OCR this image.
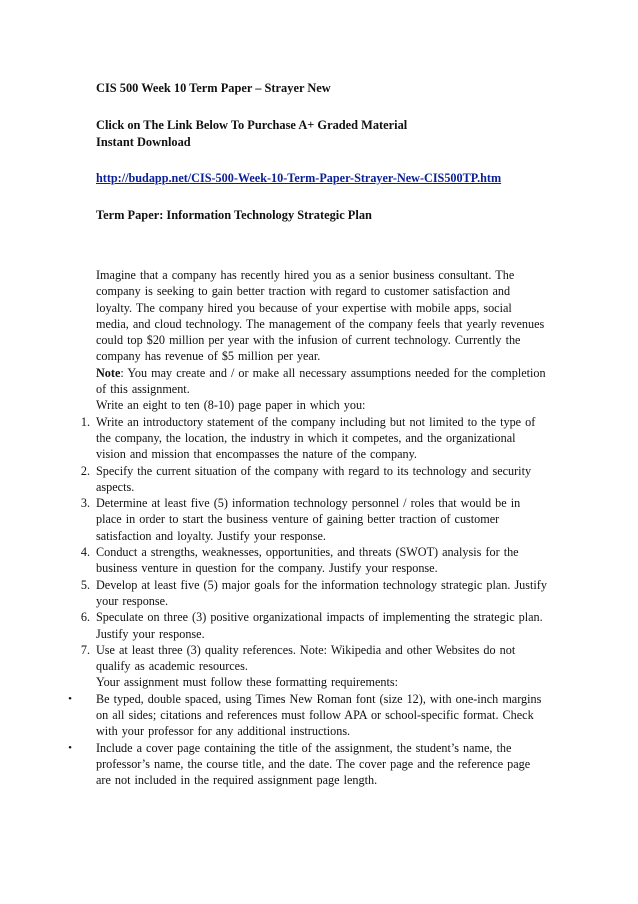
CIS 500 Week 10 Term Paper – Strayer New
Click on The Link Below To Purchase A+ Graded Material
Instant Download
http://budapp.net/CIS-500-Week-10-Term-Paper-Strayer-New-CIS500TP.htm
Term Paper: Information Technology Strategic Plan

Imagine that a company has recently hired you as a senior business consultant. The company is seeking to gain better traction with regard to customer satisfaction and loyalty. The company hired you because of your expertise with mobile apps, social media, and cloud technology. The management of the company feels that yearly revenues could top $20 million per year with the infusion of current technology. Currently the company has revenue of $5 million per year.

Note: You may create and / or make all necessary assumptions needed for the completion of this assignment.

Write an eight to ten (8-10) page paper in which you:

1. Write an introductory statement of the company including but not limited to the type of the company, the location, the industry in which it competes, and the organizational vision and mission that encompasses the nature of the company.
2. Specify the current situation of the company with regard to its technology and security aspects.
3. Determine at least five (5) information technology personnel / roles that would be in place in order to start the business venture of gaining better traction of customer satisfaction and loyalty. Justify your response.
4. Conduct a strengths, weaknesses, opportunities, and threats (SWOT) analysis for the business venture in question for the company. Justify your response.
5. Develop at least five (5) major goals for the information technology strategic plan. Justify your response.
6. Speculate on three (3) positive organizational impacts of implementing the strategic plan. Justify your response.
7. Use at least three (3) quality references. Note: Wikipedia and other Websites do not qualify as academic resources.

Your assignment must follow these formatting requirements:

•	Be typed, double spaced, using Times New Roman font (size 12), with one-inch margins on all sides; citations and references must follow APA or school-specific format. Check with your professor for any additional instructions.
•	Include a cover page containing the title of the assignment, the student’s name, the professor’s name, the course title, and the date. The cover page and the reference page are not included in the required assignment page length.
